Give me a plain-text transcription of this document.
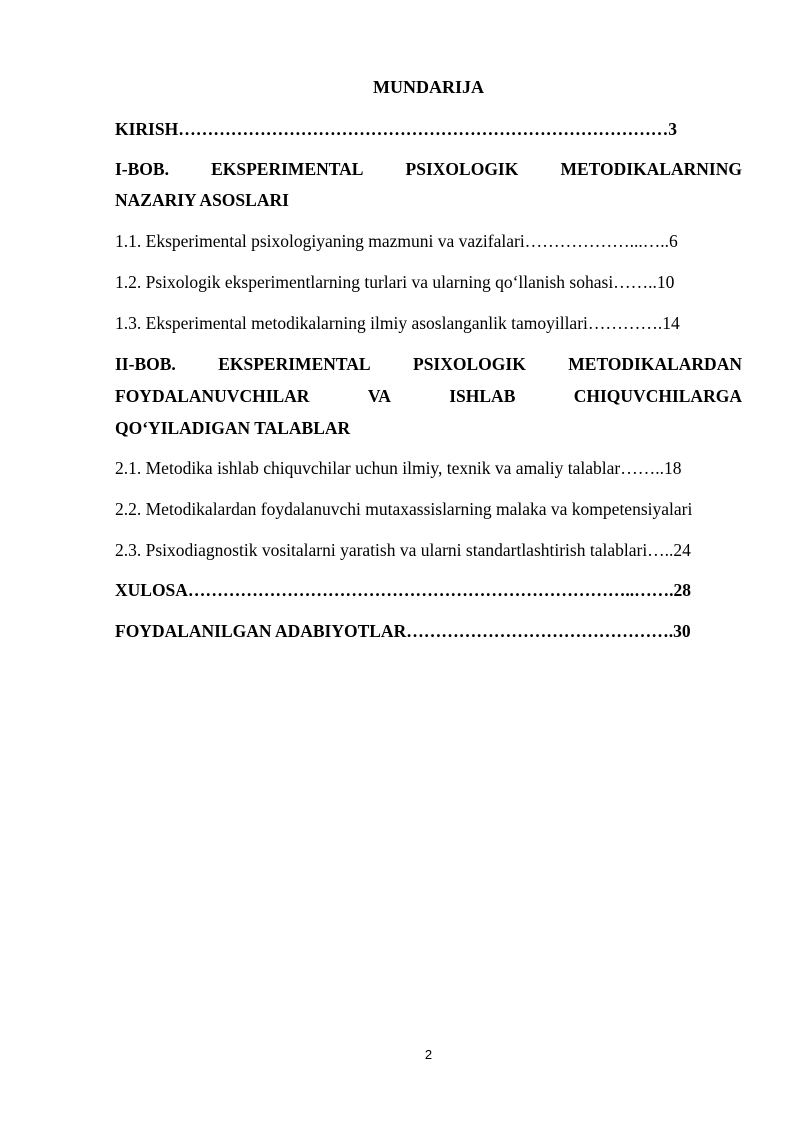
MUNDARIJA
KIRISH…………………………………………………………………………3
I-BOB. EKSPERIMENTAL PSIXOLOGIK METODIKALARNING
NAZARIY ASOSLARI
1.1. Eksperimental psixologiyaning mazmuni va vazifalari………………...…..6
1.2. Psixologik eksperimentlarning turlari va ularning qo‘llanish sohasi……..10
1.3. Eksperimental metodikalarning ilmiy asoslanganlik tamoyillari………….14
II-BOB. EKSPERIMENTAL PSIXOLOGIK METODIKALARDAN
FOYDALANUVCHILAR	VA	ISHLAB	CHIQUVCHILARGA
QO‘YILADIGAN TALABLAR
2.1. Metodika ishlab chiquvchilar uchun ilmiy, texnik va amaliy talablar……..18
2.2. Metodikalardan foydalanuvchi mutaxassislarning malaka va kompetensiyalari
2.3. Psixodiagnostik vositalarni yaratish va ularni standartlashtirish talablari…..24
XULOSA…………………………………………………………………..…….28
FOYDALANILGAN ADABIYOTLAR……………………………………….30
2
